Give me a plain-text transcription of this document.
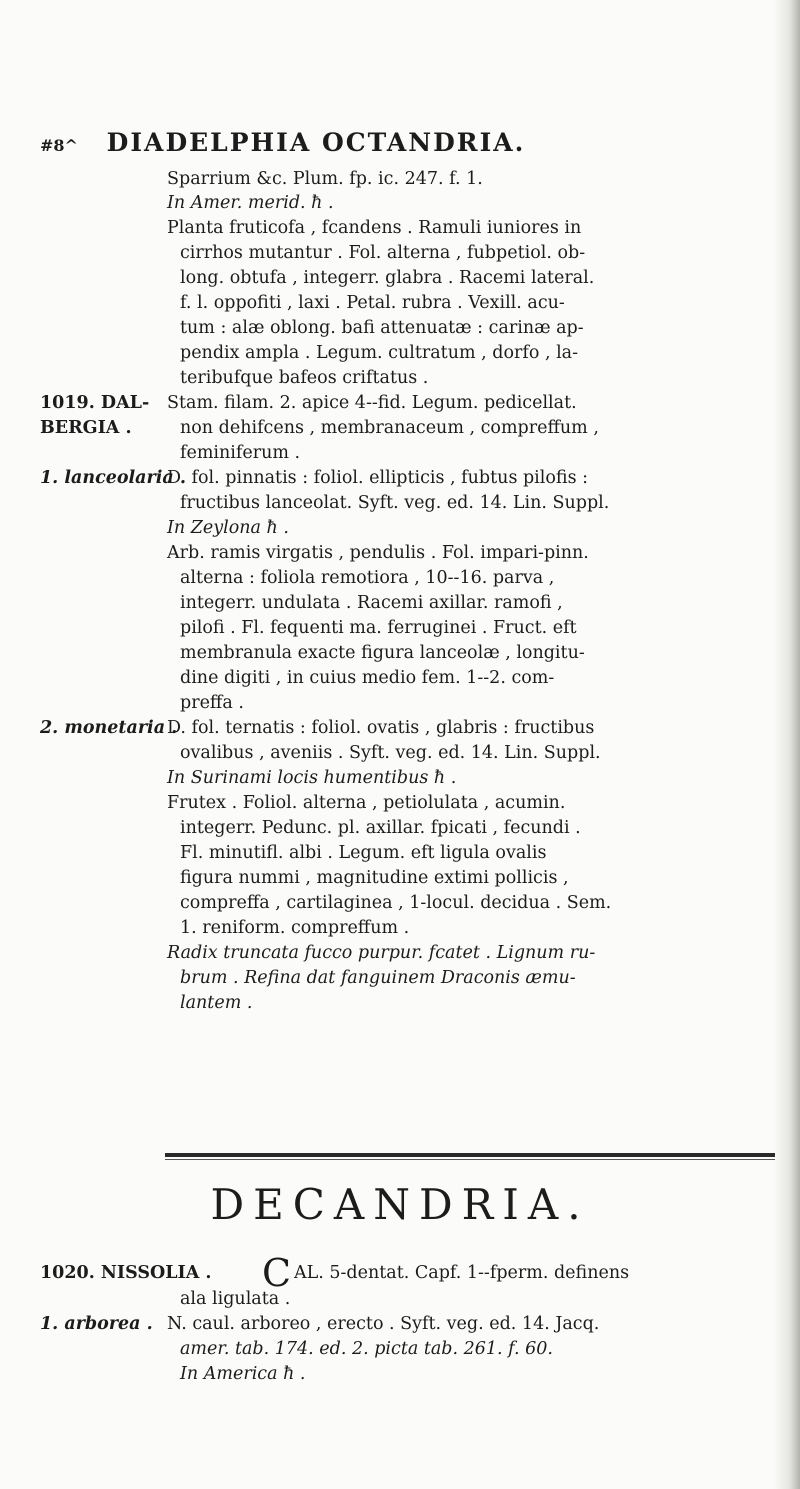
#8^ DIADELPHIA OCTANDRIA.
Sparrium &c. Plum. fp. ic. 247. f. 1.
In Amer. merid. ħ .
Planta fruticofa , fcandens . Ramuli iuniores in
cirrhos mutantur . Fol. alterna , fubpetiol. ob-
long. obtufa , integerr. glabra . Racemi lateral.
f. l. oppofiti , laxi . Petal. rubra . Vexill. acu-
tum : alæ oblong. bafi attenuatæ : carinæ ap-
pendix ampla . Legum. cultratum , dorfo , la-
teribufque bafeos criftatus .
1019. DAL-
BERGIA .
Stam. filam. 2. apice 4--fid. Legum. pedicellat.
non dehifcens , membranaceum , compreffum ,
feminiferum .
1. lanceolaria .
D. fol. pinnatis : foliol. ellipticis , fubtus pilofis :
fructibus lanceolat. Syft. veg. ed. 14. Lin. Suppl.
In Zeylona ħ .
Arb. ramis virgatis , pendulis . Fol. impari-pinn.
alterna : foliola remotiora , 10--16. parva ,
integerr. undulata . Racemi axillar. ramofi ,
pilofi . Fl. fequenti ma. ferruginei . Fruct. eft
membranula exacte figura lanceolæ , longitu-
dine digiti , in cuius medio fem. 1--2. com-
preffa .
2. monetaria .
D. fol. ternatis : foliol. ovatis , glabris : fructibus
ovalibus , aveniis . Syft. veg. ed. 14. Lin. Suppl.
In Surinami locis humentibus ħ .
Frutex . Foliol. alterna , petiolulata , acumin.
integerr. Pedunc. pl. axillar. fpicati , fecundi .
Fl. minutifl. albi . Legum. eft ligula ovalis
figura nummi , magnitudine extimi pollicis ,
compreffa , cartilaginea , 1-locul. decidua . Sem.
1. reniform. compreffum .
Radix truncata fucco purpur. fcatet . Lignum ru-
brum . Refina dat fanguinem Draconis æmu-
lantem .
DECANDRIA.
1020. NISSOLIA . C AL. 5-dentat. Capf. 1--fperm. definens
ala ligulata .
1. arborea . N. caul. arboreo , erecto . Syft. veg. ed. 14. Jacq.
amer. tab. 174. ed. 2. picta tab. 261. f. 60.
In America ħ .
